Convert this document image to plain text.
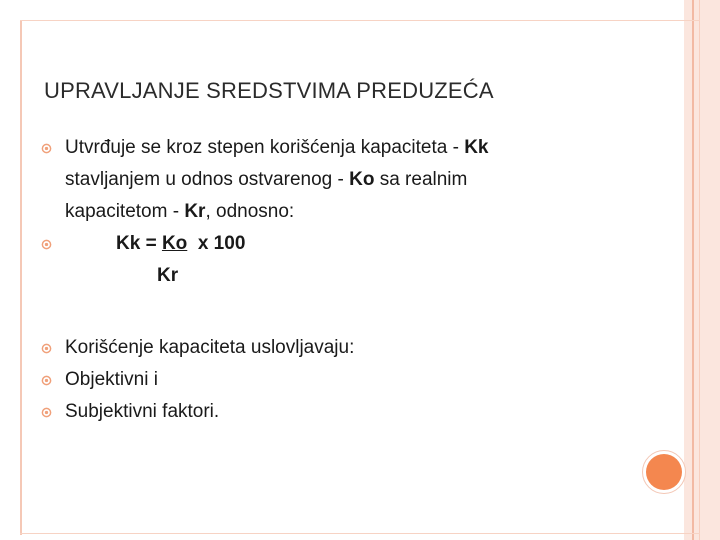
UPRAVLJANJE SREDSTVIMA PREDUZEĆA
Utvrđuje se kroz stepen korišćenja kapaciteta - Kk
stavljanjem u odnos ostvarenog - Ko sa realnim
kapacitetom - Kr, odnosno:
Kk = Ko  x 100
Kr
Korišćenje kapaciteta uslovljavaju:
Objektivni i
Subjektivni faktori.
